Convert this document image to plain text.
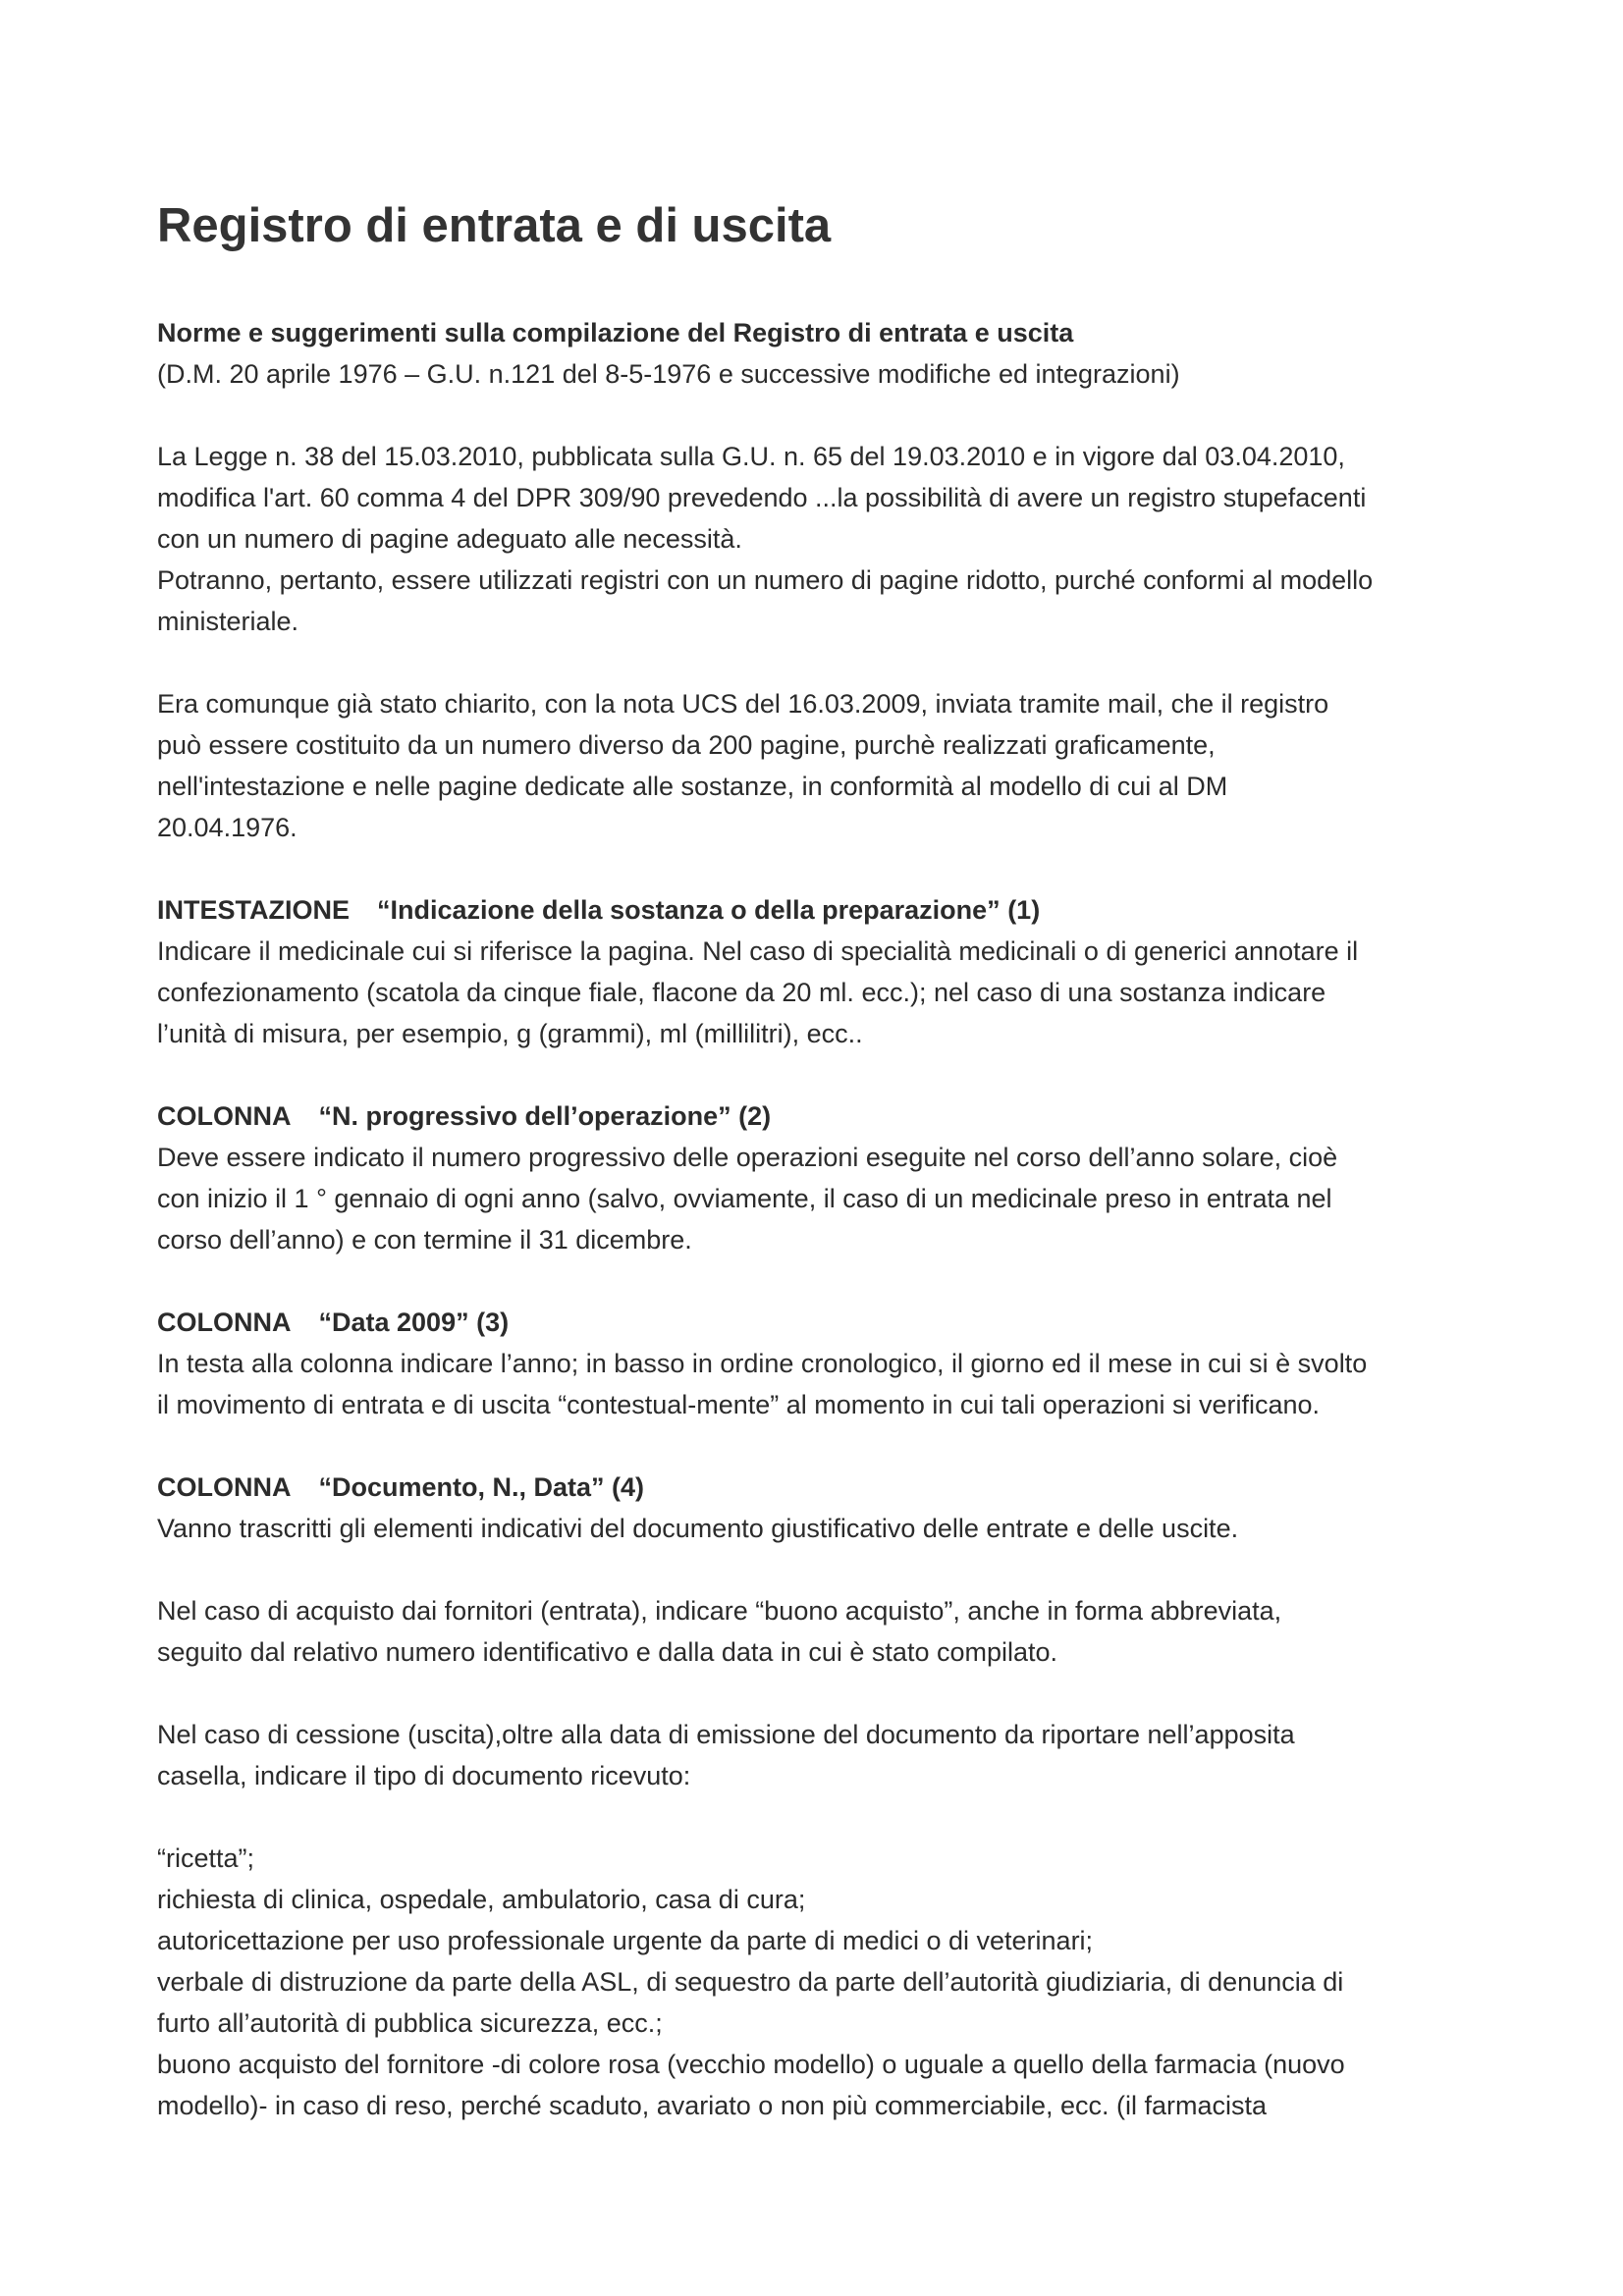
Registro di entrata e di uscita

Norme e suggerimenti sulla compilazione del Registro di entrata e uscita

(D.M. 20 aprile 1976 – G.U. n.121 del 8-5-1976 e successive modifiche ed integrazioni)

La Legge n. 38 del 15.03.2010, pubblicata sulla G.U. n. 65 del 19.03.2010 e in vigore dal 03.04.2010,

modifica l'art. 60 comma 4 del DPR 309/90 prevedendo ...la possibilità di avere un registro stupefacenti

con un numero di pagine adeguato alle necessità.

Potranno, pertanto, essere utilizzati registri con un numero di pagine ridotto, purché conformi al modello

ministeriale.

Era comunque già stato chiarito, con la nota UCS del 16.03.2009, inviata tramite mail, che il registro

può essere costituito da un numero diverso da 200 pagine, purchè realizzati graficamente,

nell'intestazione e nelle pagine dedicate alle sostanze, in conformità al modello di cui al DM

20.04.1976.

INTESTAZIONE “Indicazione della sostanza o della preparazione” (1)

Indicare il medicinale cui si riferisce la pagina. Nel caso di specialità medicinali o di generici annotare il

confezionamento (scatola da cinque fiale, flacone da 20 ml. ecc.); nel caso di una sostanza indicare

l’unità di misura, per esempio, g (grammi), ml (millilitri), ecc..

COLONNA “N. progressivo dell’operazione” (2)

Deve essere indicato il numero progressivo delle operazioni eseguite nel corso dell’anno solare, cioè

con inizio il 1 ° gennaio di ogni anno (salvo, ovviamente, il caso di un medicinale preso in entrata nel

corso dell’anno) e con termine il 31 dicembre.

COLONNA “Data 2009” (3)

In testa alla colonna indicare l’anno; in basso in ordine cronologico, il giorno ed il mese in cui si è svolto

il movimento di entrata e di uscita “contestual-mente” al momento in cui tali operazioni si verificano.

COLONNA “Documento, N., Data” (4)

Vanno trascritti gli elementi indicativi del documento giustificativo delle entrate e delle uscite.

Nel caso di acquisto dai fornitori (entrata), indicare “buono acquisto”, anche in forma abbreviata,

seguito dal relativo numero identificativo e dalla data in cui è stato compilato.

Nel caso di cessione (uscita),oltre alla data di emissione del documento da riportare nell’apposita

casella, indicare il tipo di documento ricevuto:

“ricetta”;

richiesta di clinica, ospedale, ambulatorio, casa di cura;

autoricettazione per uso professionale urgente da parte di medici o di veterinari;

verbale di distruzione da parte della ASL, di sequestro da parte dell’autorità giudiziaria, di denuncia di

furto all’autorità di pubblica sicurezza, ecc.;

buono acquisto del fornitore -di colore rosa (vecchio modello) o uguale a quello della farmacia (nuovo

modello)- in caso di reso, perché scaduto, avariato o non più commerciabile, ecc. (il farmacista
